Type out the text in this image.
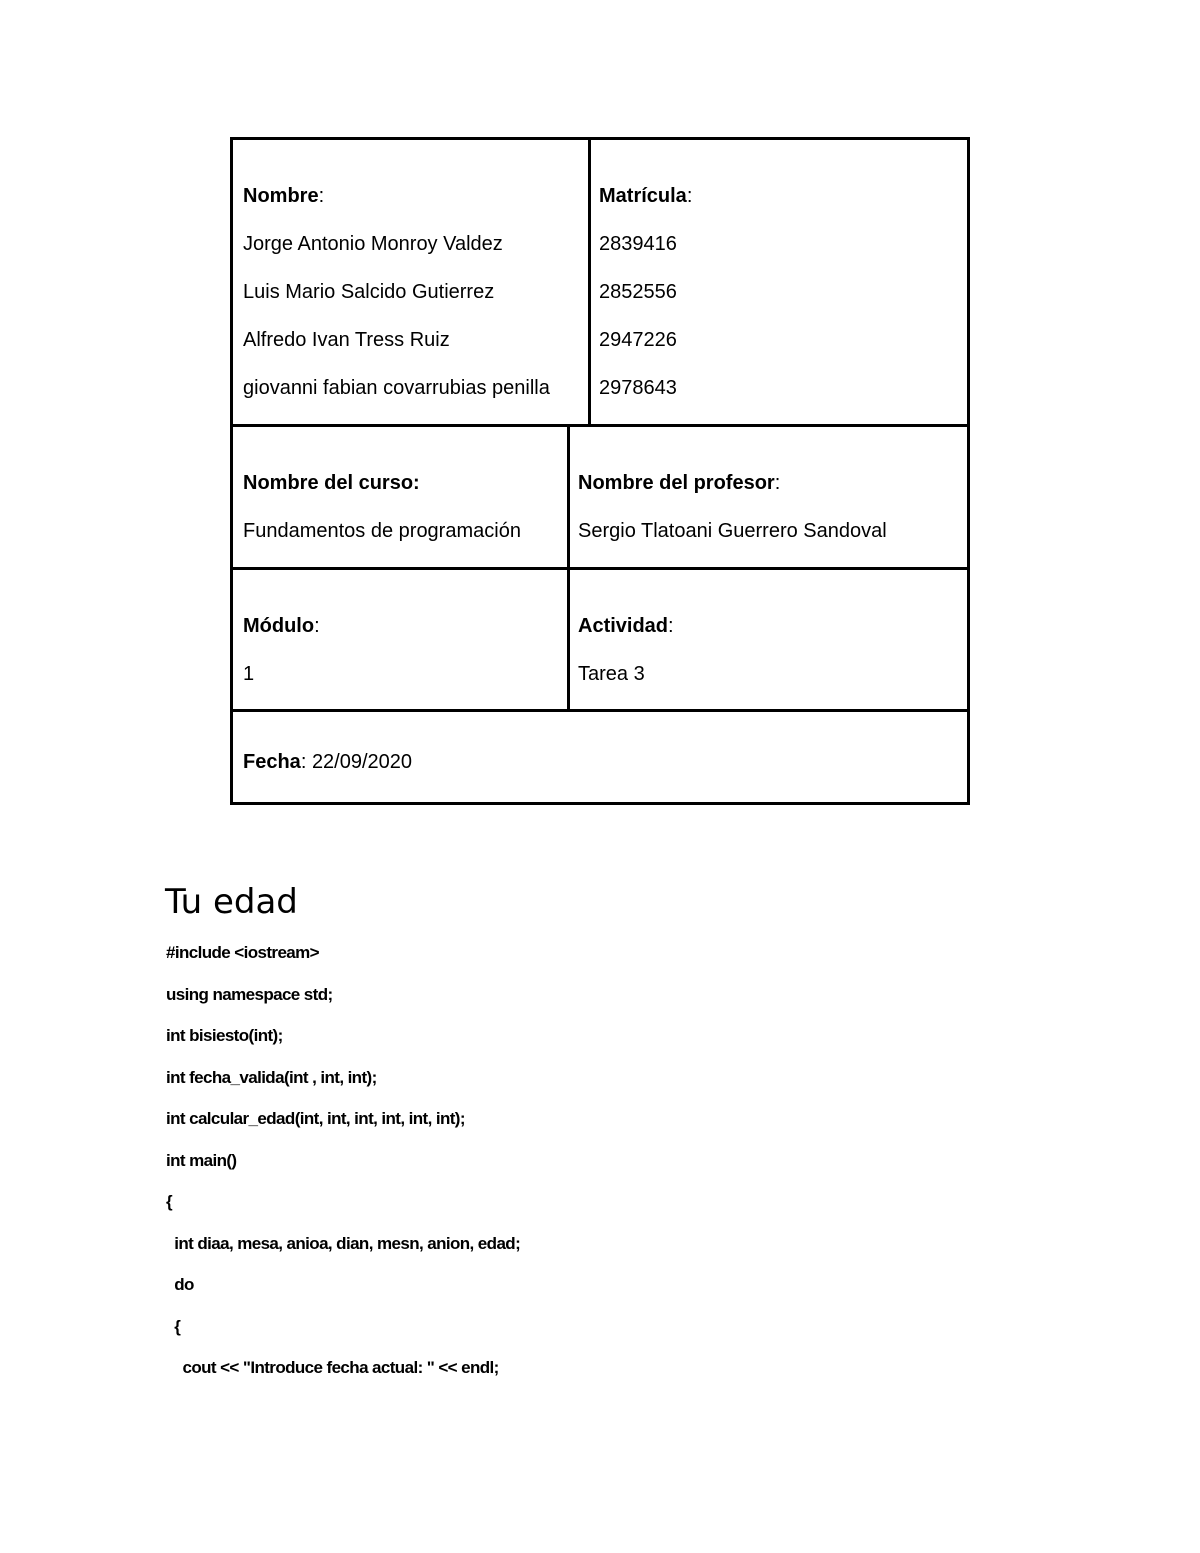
Nombre:
Jorge Antonio Monroy Valdez
Luis Mario Salcido Gutierrez
Alfredo Ivan Tress Ruiz
giovanni fabian covarrubias penilla
Matrícula:
2839416
2852556
2947226
2978643
Nombre del curso:
Fundamentos de programación
Nombre del profesor:
Sergio Tlatoani Guerrero Sandoval
Módulo:
1
Actividad:
Tarea 3
Fecha: 22/09/2020
Tu edad
#include <iostream>
using namespace std;
int bisiesto(int);
int fecha_valida(int , int, int);
int calcular_edad(int, int, int, int, int, int);
int main()
{
int diaa, mesa, anioa, dian, mesn, anion, edad;
do
{
cout << "Introduce fecha actual: " << endl;
